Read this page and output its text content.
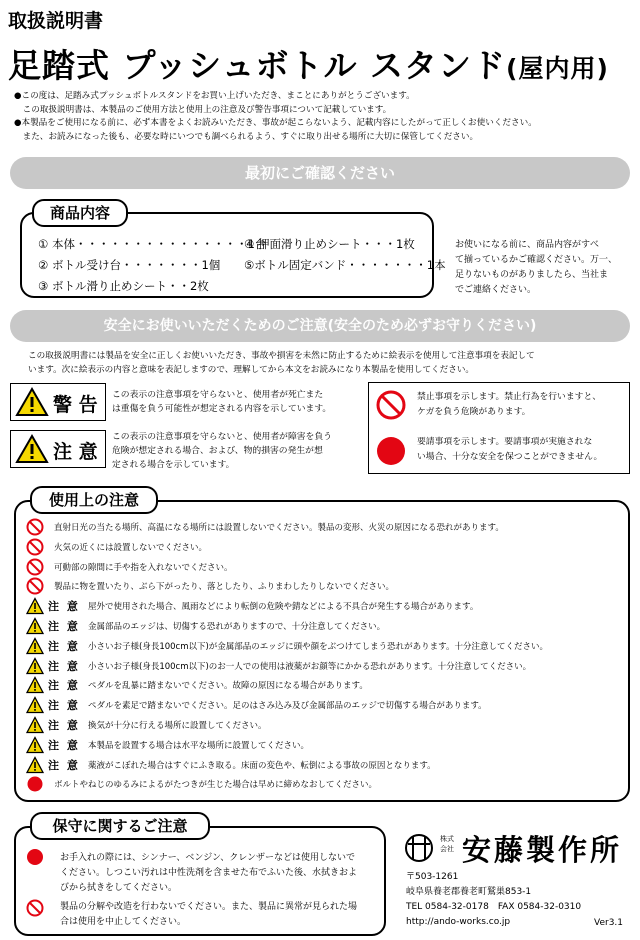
取扱説明書
足踏式 プッシュボトル スタンド(屋内用)
●この度は、足踏み式プッシュボトルスタンドをお買い上げいただき、まことにありがとうございます。
　この取扱説明書は、本製品のご使用方法と使用上の注意及び警告事項について記載しています。
●本製品をご使用になる前に、必ず本書をよくお読みいただき、事故が起こらないよう、記載内容にしたがって正しくお使いください。
　また、お読みになった後も、必要な時にいつでも調べられるよう、すぐに取り出せる場所に大切に保管してください。
最初にご確認ください
商品内容
① 本体・・・・・・・・・・・・・・・1台
② ボトル受け台・・・・・・・1個
③ ボトル滑り止めシート・・2枚
④ 押面滑り止めシート・・・1枚
⑤ボトル固定バンド・・・・・・・1本
お使いになる前に、商品内容がすべ
て揃っているかご確認ください。万一、
足りないものがありましたら、当社ま
でご連絡ください。
安全にお使いいただくためのご注意(安全のため必ずお守りください)
この取扱説明書には製品を安全に正しくお使いいただき、事故や損害を未然に防止するために絵表示を使用して注意事項を表記して
います。次に絵表示の内容と意味を表記しますので、理解してから本文をお読みになり本製品を使用してください。
警 告 この表示の注意事項を守らないと、使用者が死亡また
は重傷を負う可能性が想定される内容を示しています。
注 意
この表示の注意事項を守らないと、使用者が障害を負う
危険が想定される場合、および、物的損害の発生が想
定される場合を示しています。
禁止事項を示します。禁止行為を行いますと、
ケガを負う危険があります。
要請事項を示します。要請事項が実施されな
い場合、十分な安全を保つことができません。
使用上の注意
直射日光の当たる場所、高温になる場所には設置しないでください。製品の変形、火災の原因になる恐れがあります。
火気の近くには設置しないでください。
可動部の隙間に手や指を入れないでください。
製品に物を置いたり、ぶら下がったり、落としたり、ふりまわしたりしないでください。
注 意 屋外で使用された場合、風雨などにより転倒の危険や錆などによる不具合が発生する場合があります。
注 意 金属部品のエッジは、切傷する恐れがありますので、十分注意してください。
注 意 小さいお子様(身長100cm以下)が金属部品のエッジに頭や顔をぶつけてしまう恐れがあります。十分注意してください。
注 意 小さいお子様(身長100cm以下)のお一人での使用は液薬がお顔等にかかる恐れがあります。十分注意してください。
注 意 ペダルを乱暴に踏まないでください。故障の原因になる場合があります。
注 意 ペダルを素足で踏まないでください。足のはさみ込み及び金属部品のエッジで切傷する場合があります。
注 意 換気が十分に行える場所に設置してください。
注 意 本製品を設置する場合は水平な場所に設置してください。
注 意 薬液がこぼれた場合はすぐにふき取る。床面の変色や、転倒による事故の原因となります。
ボルトやねじのゆるみによるがたつきが生じた場合は早めに締めなおしてください。
保守に関するご注意
お手入れの際には、シンナー、ベンジン、クレンザーなどは使用しないで
ください。しつこい汚れは中性洗剤を含ませた布でふいた後、水拭きおよ
びから拭きをしてください。
製品の分解や改造を行わないでください。また、製品に異常が見られた場
合は使用を中止してください。
株式
会社 安藤製作所
〒503-1261
岐阜県養老郡養老町鷲巣853-1
TEL 0584-32-0178　FAX 0584-32-0310
http://ando-works.co.jp	Ver3.1
